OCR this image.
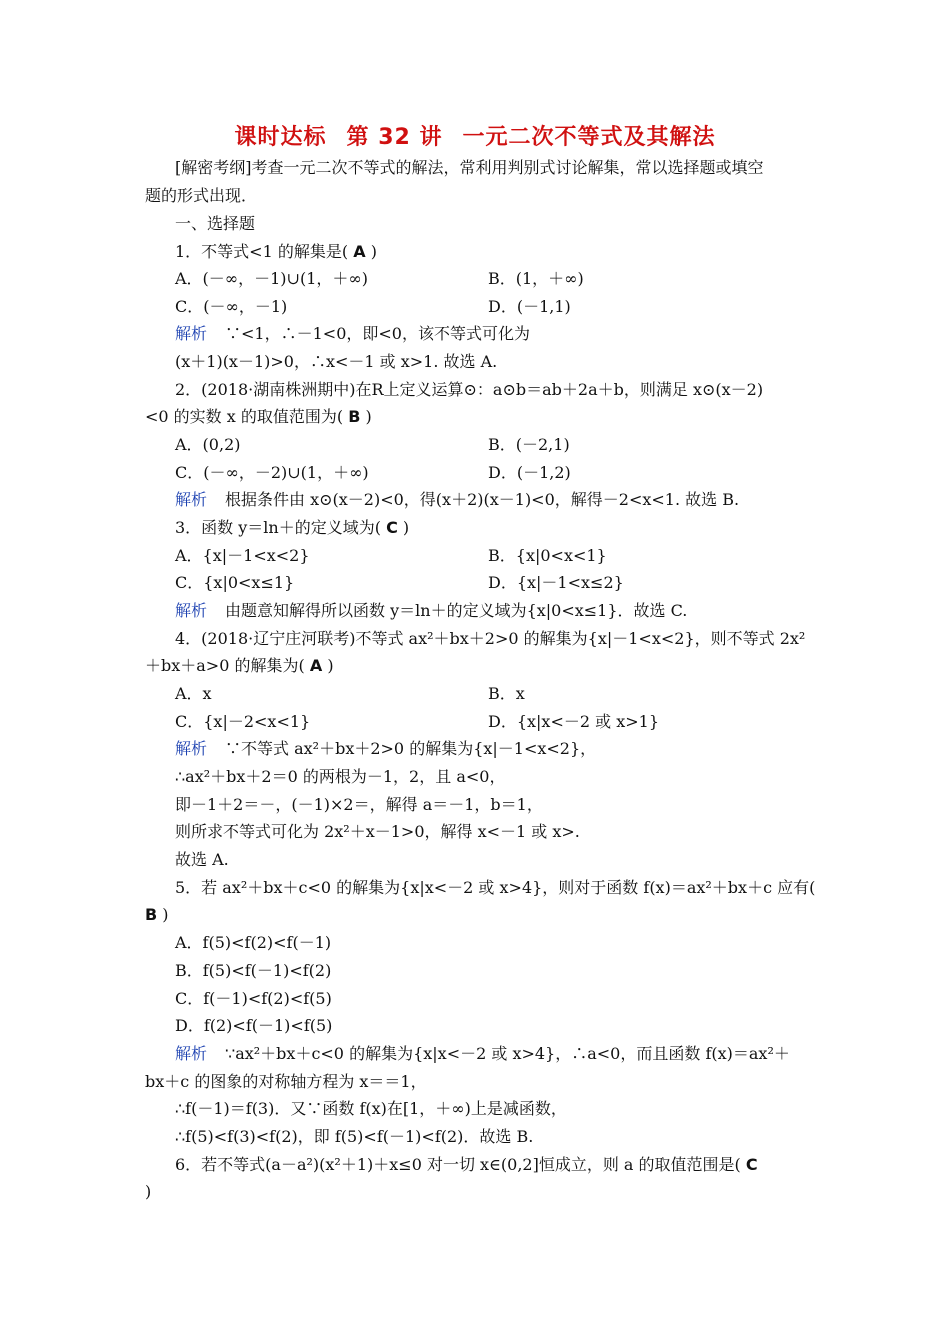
课时达标 第 32 讲 一元二次不等式及其解法
[解密考纲]考查一元二次不等式的解法，常利用判别式讨论解集，常以选择题或填空
题的形式出现．
一、选择题
1．不等式<1 的解集是( A )
A．(－∞，－1)∪(1，＋∞)	B．(1，＋∞)
C．(－∞，－1)	D．(－1,1)
解析 ∵<1，∴－1<0，即<0，该不等式可化为
(x＋1)(x－1)>0，∴x<－1 或 x>1. 故选 A.
2．(2018·湖南株洲期中)在R上定义运算⊙：a⊙b＝ab＋2a＋b，则满足 x⊙(x－2)
<0 的实数 x 的取值范围为( B )
A．(0,2)	B．(－2,1)
C．(－∞，－2)∪(1，＋∞)	D．(－1,2)
解析 根据条件由 x⊙(x－2)<0，得(x＋2)(x－1)<0，解得－2<x<1. 故选 B.
3．函数 y＝ln＋的定义域为( C )
A．{x|－1<x<2}	B．{x|0<x<1}
C．{x|0<x≤1}	D．{x|－1<x≤2}
解析 由题意知解得所以函数 y＝ln＋的定义域为{x|0<x≤1}．故选 C.
4．(2018·辽宁庄河联考)不等式 ax²＋bx＋2>0 的解集为{x|－1<x<2}，则不等式 2x²
＋bx＋a>0 的解集为( A )
A．x	B．x
C．{x|－2<x<1}	D．{x|x<－2 或 x>1}
解析 ∵不等式 ax²＋bx＋2>0 的解集为{x|－1<x<2}，
∴ax²＋bx＋2＝0 的两根为－1，2，且 a<0，
即－1＋2＝－，(－1)×2＝，解得 a＝－1，b＝1，
则所求不等式可化为 2x²＋x－1>0，解得 x<－1 或 x>.
故选 A.
5．若 ax²＋bx＋c<0 的解集为{x|x<－2 或 x>4}，则对于函数 f(x)＝ax²＋bx＋c 应有(
B )
A．f(5)<f(2)<f(－1)
B．f(5)<f(－1)<f(2)
C．f(－1)<f(2)<f(5)
D．f(2)<f(－1)<f(5)
解析 ∵ax²＋bx＋c<0 的解集为{x|x<－2 或 x>4}，∴a<0，而且函数 f(x)＝ax²＋
bx＋c 的图象的对称轴方程为 x＝＝1，
∴f(－1)＝f(3)．又∵函数 f(x)在[1，＋∞)上是减函数，
∴f(5)<f(3)<f(2)，即 f(5)<f(－1)<f(2)．故选 B.
6．若不等式(a－a²)(x²＋1)＋x≤0 对一切 x∈(0,2]恒成立，则 a 的取值范围是( C
)
